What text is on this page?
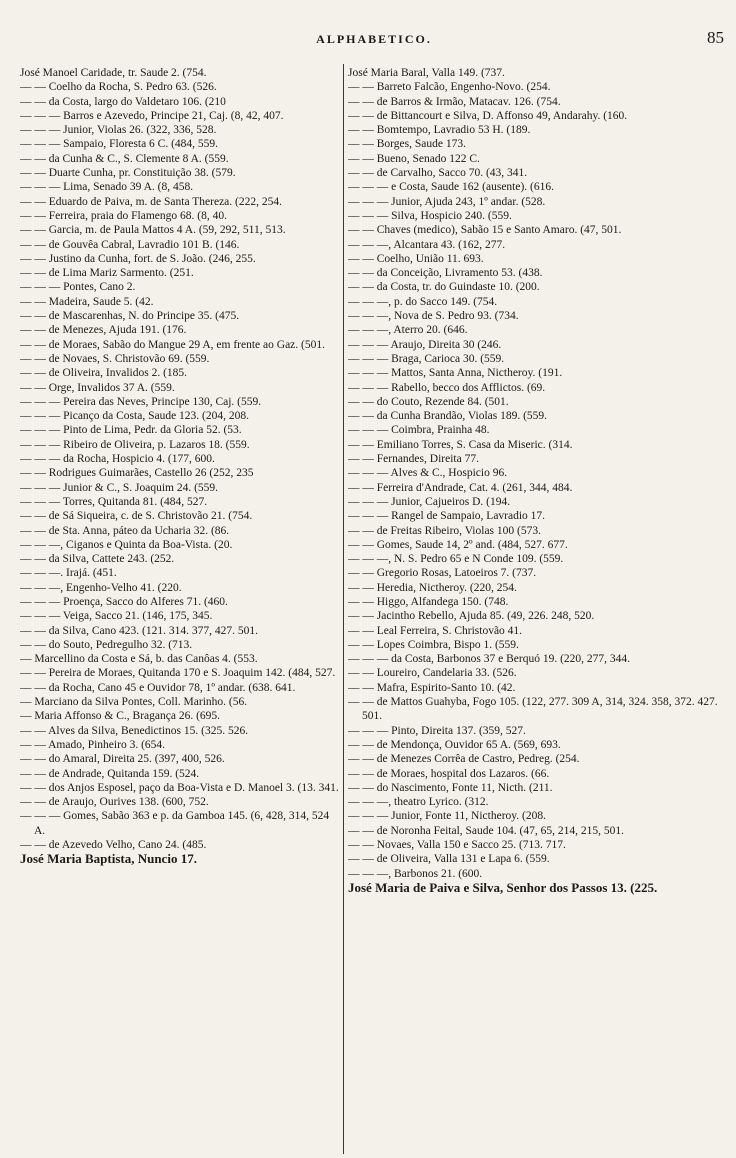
ALPHABETICO.	85
José Manoel Caridade, tr. Saude 2. (754.
— — Coelho da Rocha, S. Pedro 63. (526.
— — da Costa, largo do Valdetaro 106. (210
— — — Barros e Azevedo, Principe 21, Caj. (8, 42, 407.
— — — Junior, Violas 26. (322, 336, 528.
— — — Sampaio, Floresta 6 C. (484, 559.
— — da Cunha & C., S. Clemente 8 A. (559.
— — Duarte Cunha, pr. Constituição 38. (579.
— — — Lima, Senado 39 A. (8, 458.
— — Eduardo de Paiva, m. de Santa Thereza. (222, 254.
— — Ferreira, praia do Flamengo 68. (8, 40.
— — Garcia, m. de Paula Mattos 4 A. (59, 292, 511, 513.
— — de Gouvêa Cabral, Lavradio 101 B. (146.
— — Justino da Cunha, fort. de S. João. (246, 255.
— — de Lima Mariz Sarmento. (251.
— — — Pontes, Cano 2.
— — Madeira, Saude 5. (42.
— — de Mascarenhas, N. do Principe 35. (475.
— — de Menezes, Ajuda 191. (176.
— — de Moraes, Sabão do Mangue 29 A, em frente ao Gaz. (501.
— — de Novaes, S. Christovão 69. (559.
— — de Oliveira, Invalidos 2. (185.
— — Orge, Invalidos 37 A. (559.
— — — Pereira das Neves, Principe 130, Caj. (559.
— — — Picanço da Costa, Saude 123. (204, 208.
— — — Pinto de Lima, Pedr. da Gloria 52. (53.
— — — Ribeiro de Oliveira, p. Lazaros 18. (559.
— — — da Rocha, Hospicio 4. (177, 600.
— — Rodrigues Guimarães, Castello 26 (252, 235
— — — Junior & C., S. Joaquim 24. (559.
— — — Torres, Quitanda 81. (484, 527.
— — de Sá Siqueira, c. de S. Christovão 21. (754.
— — de Sta. Anna, páteo da Ucharia 32. (86.
— — —, Ciganos e Quinta da Boa-Vista. (20.
— — da Silva, Cattete 243. (252.
— — —. Irajá. (451.
— — —, Engenho-Velho 41. (220.
— — — Proença, Sacco do Alferes 71. (460.
— — — Veiga, Sacco 21. (146, 175, 345.
— — da Silva, Cano 423. (121. 314. 377, 427. 501.
— — do Souto, Pedregulho 32. (713.
— Marcellino da Costa e Sá, b. das Canôas 4. (553.
— — Pereira de Moraes, Quitanda 170 e S. Joaquim 142. (484, 527.
— — da Rocha, Cano 45 e Ouvidor 78, 1º andar. (638. 641.
— Marciano da Silva Pontes, Coll. Marinho. (56.
— Maria Affonso & C., Bragança 26. (695.
— — Alves da Silva, Benedictinos 15. (325. 526.
— — Amado, Pinheiro 3. (654.
— — do Amaral, Direita 25. (397, 400, 526.
— — de Andrade, Quitanda 159. (524.
— — dos Anjos Esposel, paço da Boa-Vista e D. Manoel 3. (13. 341.
— — de Araujo, Ourives 138. (600, 752.
— — — Gomes, Sabão 363 e p. da Gamboa 145. (6, 428, 314, 524 A.
— — de Azevedo Velho, Cano 24. (485.
José Maria Baptista, Nuncio 17.
José Maria Baral, Valla 149. (737.
— — Barreto Falcão, Engenho-Novo. (254.
— — de Barros & Irmão, Matacav. 126. (754.
— — de Bittancourt e Silva, D. Affonso 49, Andarahy. (160.
— — Bomtempo, Lavradio 53 H. (189.
— — Borges, Saude 173.
— — Bueno, Senado 122 C.
— — de Carvalho, Sacco 70. (43, 341.
— — — e Costa, Saude 162 (ausente). (616.
— — — Junior, Ajuda 243, 1º andar. (528.
— — — Silva, Hospicio 240. (559.
— — Chaves (medico), Sabão 15 e Santo Amaro. (47, 501.
— — —, Alcantara 43. (162, 277.
— — Coelho, União 11. 693.
— — da Conceição, Livramento 53. (438.
— — da Costa, tr. do Guindaste 10. (200.
— — —, p. do Sacco 149. (754.
— — —, Nova de S. Pedro 93. (734.
— — —, Aterro 20. (646.
— — — Araujo, Direita 30 (246.
— — — Braga, Carioca 30. (559.
— — — Mattos, Santa Anna, Nictheroy. (191.
— — — Rabello, becco dos Afflictos. (69.
— — do Couto, Rezende 84. (501.
— — da Cunha Brandão, Violas 189. (559.
— — — Coimbra, Prainha 48.
— — Emiliano Torres, S. Casa da Miseric. (314.
— — Fernandes, Direita 77.
— — — Alves & C., Hospicio 96.
— — Ferreira d'Andrade, Cat. 4. (261, 344, 484.
— — — Junior, Cajueiros D. (194.
— — — Rangel de Sampaio, Lavradio 17.
— — de Freitas Ribeiro, Violas 100 (573.
— — Gomes, Saude 14, 2º and. (484, 527. 677.
— — —, N. S. Pedro 65 e N Conde 109. (559.
— — Gregorio Rosas, Latoeiros 7. (737.
— — Heredia, Nictheroy. (220, 254.
— — Higgo, Alfandega 150. (748.
— — Jacintho Rebello, Ajuda 85. (49, 226. 248, 520.
— — Leal Ferreira, S. Christovão 41.
— — Lopes Coimbra, Bispo 1. (559.
— — — da Costa, Barbonos 37 e Berquó 19. (220, 277, 344.
— — Loureiro, Candelaria 33. (526.
— — Mafra, Espirito-Santo 10. (42.
— — de Mattos Guahyba, Fogo 105. (122, 277. 309 A, 314, 324. 358, 372. 427. 501.
— — — Pinto, Direita 137. (359, 527.
— — de Mendonça, Ouvidor 65 A. (569, 693.
— — de Menezes Corrêa de Castro, Pedreg. (254.
— — de Moraes, hospital dos Lazaros. (66.
— — do Nascimento, Fonte 11, Nicth. (211.
— — —, theatro Lyrico. (312.
— — — Junior, Fonte 11, Nictheroy. (208.
— — de Noronha Feital, Saude 104. (47, 65, 214, 215, 501.
— — Novaes, Valla 150 e Sacco 25. (713. 717.
— — de Oliveira, Valla 131 e Lapa 6. (559.
— — —, Barbonos 21. (600.
José Maria de Paiva e Silva, Senhor dos Passos 13. (225.
